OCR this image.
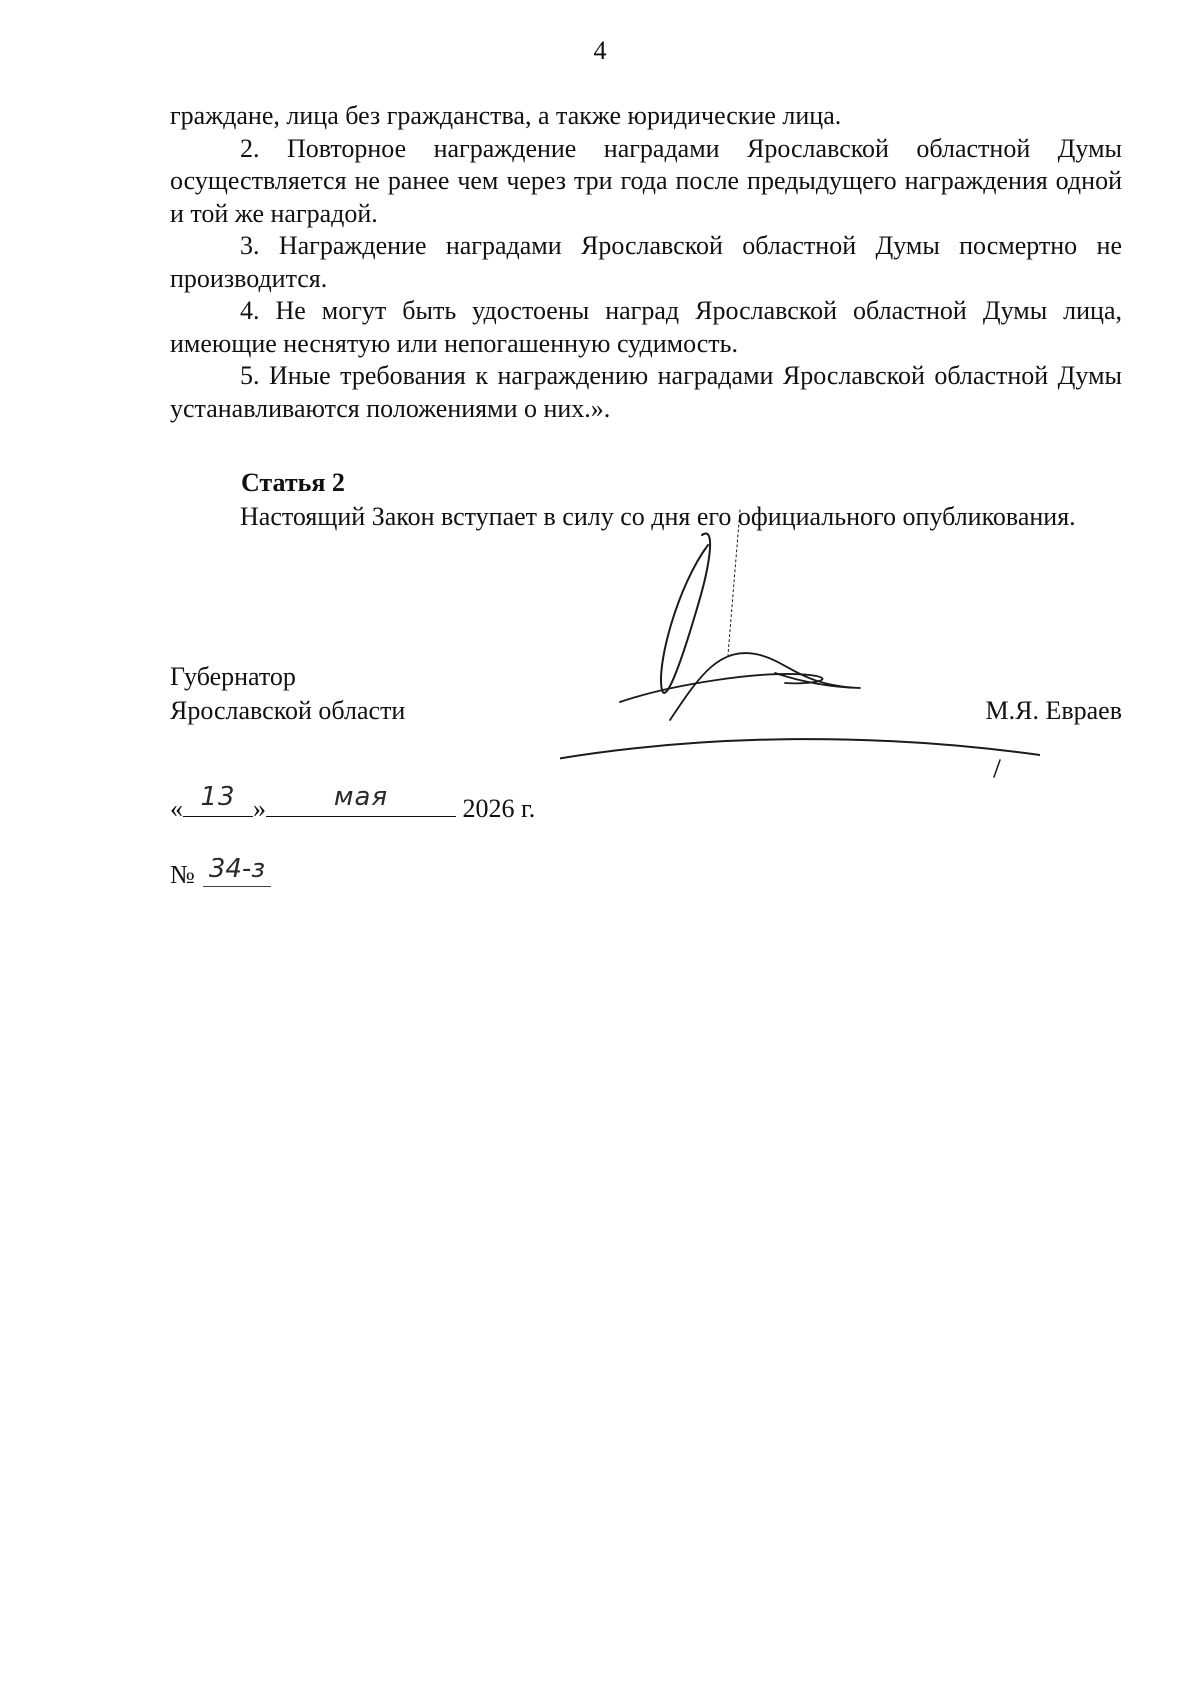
4

граждане, лица без гражданства, а также юридические лица.

2. Повторное награждение наградами Ярославской областной Думы осуществляется не ранее чем через три года после предыдущего награждения одной и той же наградой.

3. Награждение наградами Ярославской областной Думы посмертно не производится.

4. Не могут быть удостоены наград Ярославской областной Думы лица, имеющие неснятую или непогашенную судимость.

5. Иные требования к награждению наградами Ярославской областной Думы устанавливаются положениями о них.».

Статья 2

Настоящий Закон вступает в силу со дня его официального опубликования.

Губернатор
Ярославской области	М.Я. Евраев
« 13 »	мая	2026 г.
№ 34-з
